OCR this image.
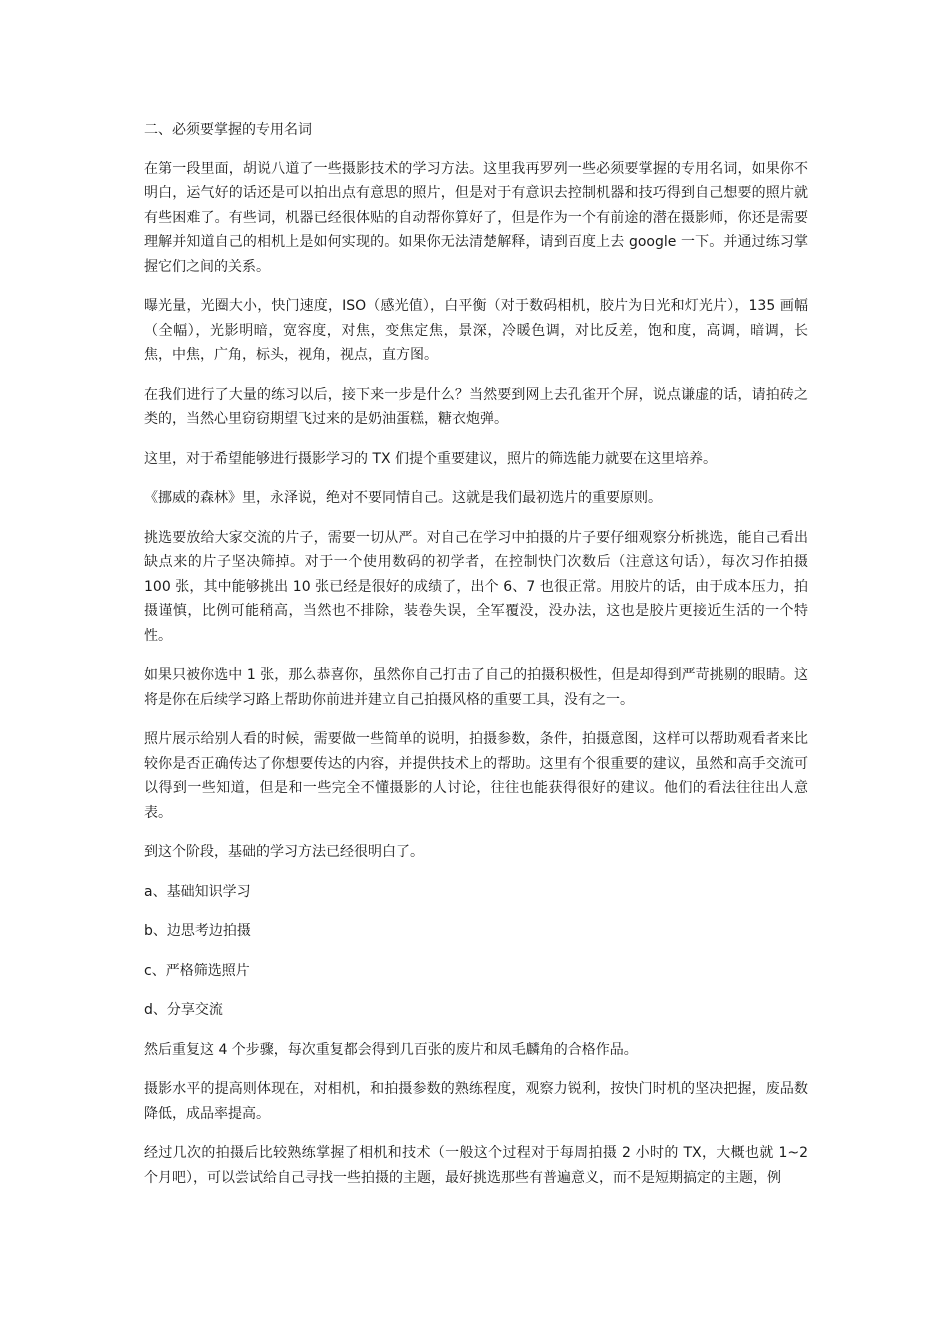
二、必须要掌握的专用名词

在第一段里面，胡说八道了一些摄影技术的学习方法。这里我再罗列一些必须要掌握的专用名词，如果你不明白，运气好的话还是可以拍出点有意思的照片，但是对于有意识去控制机器和技巧得到自己想要的照片就有些困难了。有些词，机器已经很体贴的自动帮你算好了，但是作为一个有前途的潜在摄影师，你还是需要理解并知道自己的相机上是如何实现的。如果你无法清楚解释，请到百度上去 google 一下。并通过练习掌握它们之间的关系。

曝光量，光圈大小，快门速度，ISO（感光值），白平衡（对于数码相机，胶片为日光和灯光片），135 画幅（全幅），光影明暗，宽容度，对焦，变焦定焦，景深，冷暖色调，对比反差，饱和度，高调，暗调，长焦，中焦，广角，标头，视角，视点，直方图。

在我们进行了大量的练习以后，接下来一步是什么？当然要到网上去孔雀开个屏，说点谦虚的话，请拍砖之类的，当然心里窃窃期望飞过来的是奶油蛋糕，糖衣炮弹。

这里，对于希望能够进行摄影学习的 TX 们提个重要建议，照片的筛选能力就要在这里培养。

《挪威的森林》里，永泽说，绝对不要同情自己。这就是我们最初选片的重要原则。

挑选要放给大家交流的片子，需要一切从严。对自己在学习中拍摄的片子要仔细观察分析挑选，能自己看出缺点来的片子坚决筛掉。对于一个使用数码的初学者，在控制快门次数后（注意这句话），每次习作拍摄 100 张，其中能够挑出 10 张已经是很好的成绩了，出个 6、7 也很正常。用胶片的话，由于成本压力，拍摄谨慎，比例可能稍高，当然也不排除，装卷失误，全军覆没，没办法，这也是胶片更接近生活的一个特性。

如果只被你选中 1 张，那么恭喜你，虽然你自己打击了自己的拍摄积极性，但是却得到严苛挑剔的眼睛。这将是你在后续学习路上帮助你前进并建立自己拍摄风格的重要工具，没有之一。

照片展示给别人看的时候，需要做一些简单的说明，拍摄参数，条件，拍摄意图，这样可以帮助观看者来比较你是否正确传达了你想要传达的内容，并提供技术上的帮助。这里有个很重要的建议，虽然和高手交流可以得到一些知道，但是和一些完全不懂摄影的人讨论，往往也能获得很好的建议。他们的看法往往出人意表。

到这个阶段，基础的学习方法已经很明白了。

a、基础知识学习

b、边思考边拍摄

c、严格筛选照片

d、分享交流

然后重复这 4 个步骤，每次重复都会得到几百张的废片和凤毛麟角的合格作品。

摄影水平的提高则体现在，对相机，和拍摄参数的熟练程度，观察力锐利，按快门时机的坚决把握，废品数降低，成品率提高。

经过几次的拍摄后比较熟练掌握了相机和技术（一般这个过程对于每周拍摄 2 小时的 TX，大概也就 1~2 个月吧），可以尝试给自己寻找一些拍摄的主题，最好挑选那些有普遍意义，而不是短期搞定的主题，例
